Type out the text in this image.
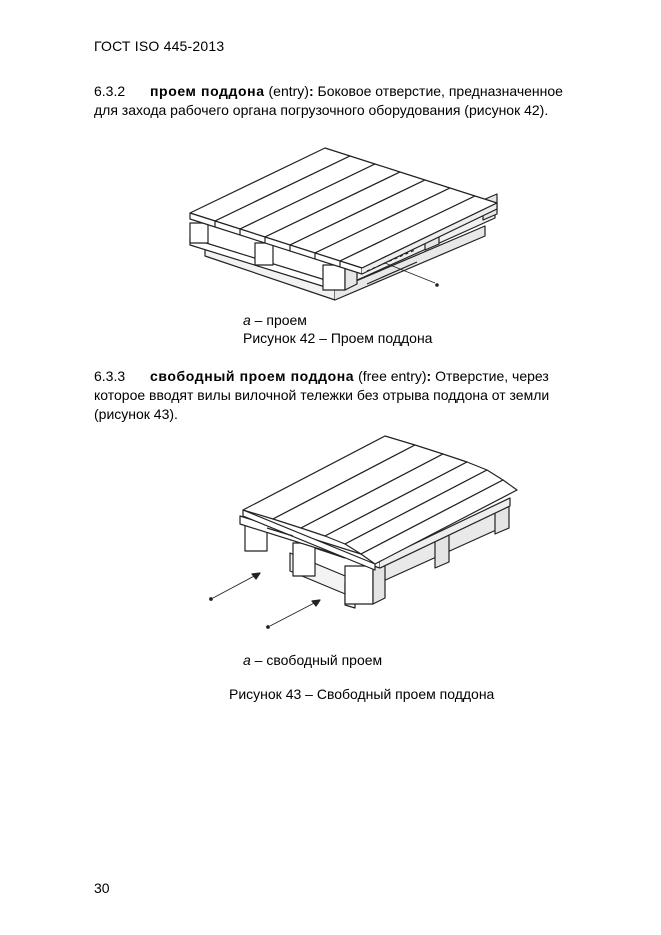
ГОСТ ISO 445-2013
6.3.2 проем поддона (entry): Боковое отверстие, предназначенное
для захода рабочего органа погрузочного оборудования (рисунок 42).
а – проем
Рисунок 42 – Проем поддона
6.3.3 свободный проем поддона (free entry): Отверстие, через
которое вводят вилы вилочной тележки без отрыва поддона от земли
(рисунок 43).
а – свободный проем
Рисунок 43 – Свободный проем поддона
30
